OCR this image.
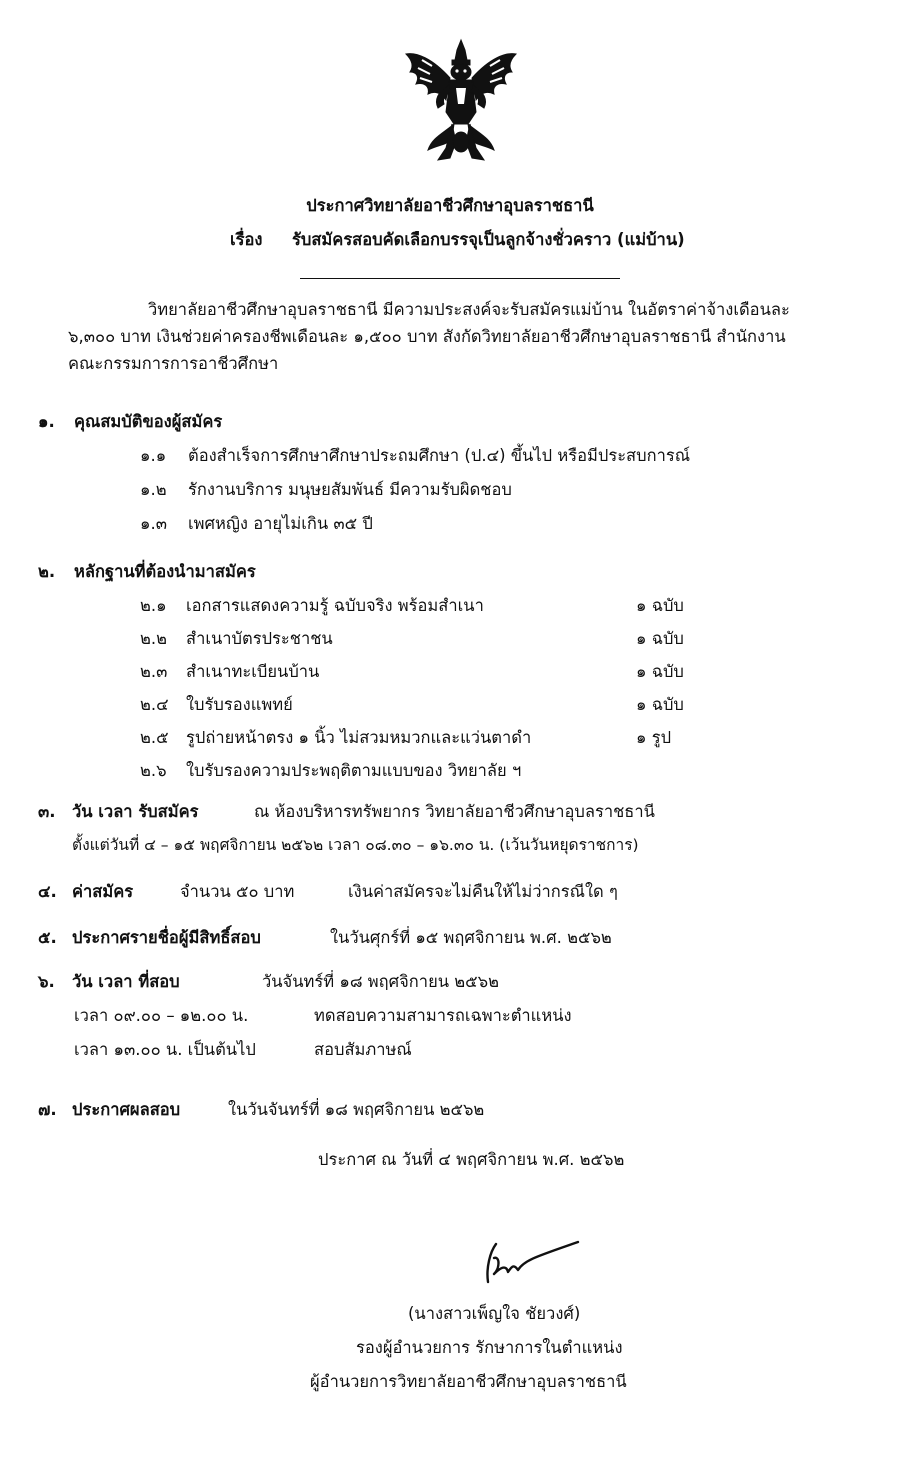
ประกาศวิทยาลัยอาชีวศึกษาอุบลราชธานี
เรื่อง รับสมัครสอบคัดเลือกบรรจุเป็นลูกจ้างชั่วคราว (แม่บ้าน)
วิทยาลัยอาชีวศึกษาอุบลราชธานี มีความประสงค์จะรับสมัครแม่บ้าน ในอัตราค่าจ้างเดือนละ
๖,๓๐๐ บาท เงินช่วยค่าครองชีพเดือนละ ๑,๕๐๐ บาท สังกัดวิทยาลัยอาชีวศึกษาอุบลราชธานี สำนักงาน
คณะกรรมการการอาชีวศึกษา
๑. คุณสมบัติของผู้สมัคร
๑.๑ ต้องสำเร็จการศึกษาศึกษาประถมศึกษา (ป.๔) ขึ้นไป หรือมีประสบการณ์
๑.๒ รักงานบริการ มนุษยสัมพันธ์ มีความรับผิดชอบ
๑.๓ เพศหญิง อายุไม่เกิน ๓๕ ปี
๒. หลักฐานที่ต้องนำมาสมัคร
๒.๑ เอกสารแสดงความรู้ ฉบับจริง พร้อมสำเนา	๑ ฉบับ
๒.๒ สำเนาบัตรประชาชน	๑ ฉบับ
๒.๓ สำเนาทะเบียนบ้าน	๑ ฉบับ
๒.๔ ใบรับรองแพทย์	๑ ฉบับ
๒.๕ รูปถ่ายหน้าตรง ๑ นิ้ว ไม่สวมหมวกและแว่นตาดำ	๑ รูป
๒.๖ ใบรับรองความประพฤติตามแบบของ วิทยาลัย ฯ
๓. วัน เวลา รับสมัคร	ณ ห้องบริหารทรัพยากร วิทยาลัยอาชีวศึกษาอุบลราชธานี
ตั้งแต่วันที่ ๔ – ๑๕ พฤศจิกายน ๒๕๖๒ เวลา ๐๘.๓๐ – ๑๖.๓๐ น. (เว้นวันหยุดราชการ)
๔. ค่าสมัคร	จำนวน ๕๐ บาท	เงินค่าสมัครจะไม่คืนให้ไม่ว่ากรณีใด ๆ
๕. ประกาศรายชื่อผู้มีสิทธิ์สอบ	ในวันศุกร์ที่ ๑๕ พฤศจิกายน พ.ศ. ๒๕๖๒
๖. วัน เวลา ที่สอบ	วันจันทร์ที่ ๑๘ พฤศจิกายน ๒๕๖๒
เวลา ๐๙.๐๐ – ๑๒.๐๐ น.	ทดสอบความสามารถเฉพาะตำแหน่ง
เวลา ๑๓.๐๐ น. เป็นต้นไป	สอบสัมภาษณ์
๗. ประกาศผลสอบ	ในวันจันทร์ที่ ๑๘ พฤศจิกายน ๒๕๖๒
ประกาศ ณ วันที่ ๔ พฤศจิกายน พ.ศ. ๒๕๖๒
(นางสาวเพ็ญใจ ชัยวงศ์)
รองผู้อำนวยการ รักษาการในตำแหน่ง
ผู้อำนวยการวิทยาลัยอาชีวศึกษาอุบลราชธานี
